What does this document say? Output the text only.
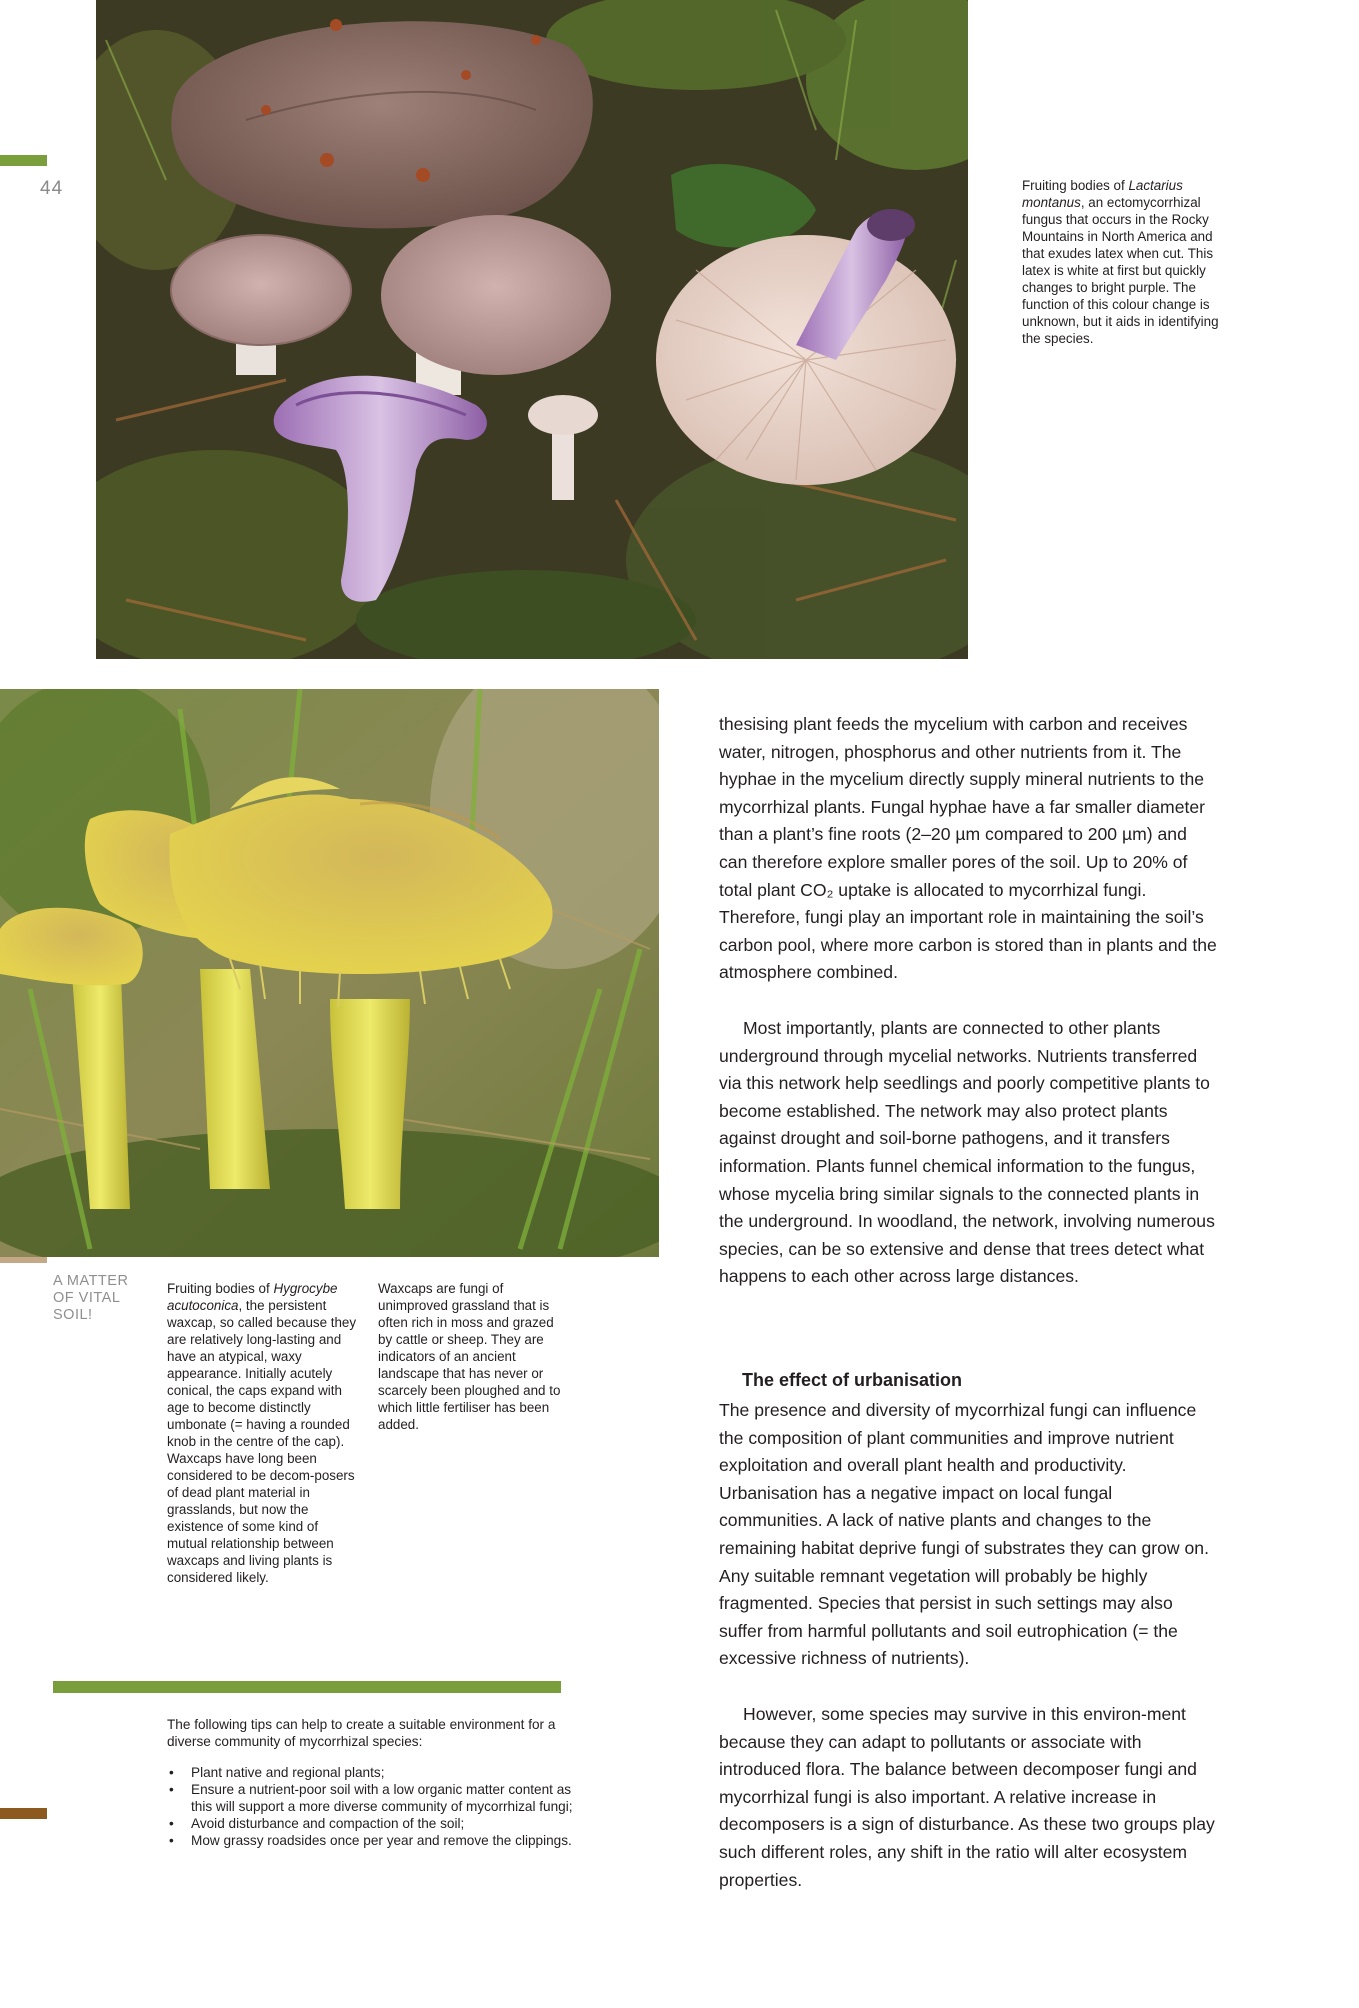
44	Fruiting bodies of Lactarius montanus, an ectomycorrhizal fungus that occurs in the Rocky Mountains in North America and that exudes latex when cut. This latex is white at first but quickly changes to bright purple. The function of this colour change is unknown, but it aids in identifying the species.
A MATTER OF VITAL SOIL!
Fruiting bodies of Hygrocybe acutoconica, the persistent waxcap, so called because they are relatively long-lasting and have an atypical, waxy appearance. Initially acutely conical, the caps expand with age to become distinctly umbonate (= having a rounded knob in the centre of the cap). Waxcaps have long been considered to be decom-posers of dead plant material in grasslands, but now the existence of some kind of mutual relationship between waxcaps and living plants is considered likely.
Waxcaps are fungi of unimproved grassland that is often rich in moss and grazed by cattle or sheep. They are indicators of an ancient landscape that has never or scarcely been ploughed and to which little fertiliser has been added.
The following tips can help to create a suitable environment for a diverse community of mycorrhizal species:
• Plant native and regional plants;
• Ensure a nutrient-poor soil with a low organic matter content as this will support a more diverse community of mycorrhizal fungi;
• Avoid disturbance and compaction of the soil;
• Mow grassy roadsides once per year and remove the clippings.

thesising plant feeds the mycelium with carbon and receives water, nitrogen, phosphorus and other nutrients from it. The hyphae in the mycelium directly supply mineral nutrients to the mycorrhizal plants. Fungal hyphae have a far smaller diameter than a plant’s fine roots (2–20 µm compared to 200 µm) and can therefore explore smaller pores of the soil. Up to 20% of total plant CO₂ uptake is allocated to mycorrhizal fungi. Therefore, fungi play an important role in maintaining the soil’s carbon pool, where more carbon is stored than in plants and the atmosphere combined.

Most importantly, plants are connected to other plants underground through mycelial networks. Nutrients transferred via this network help seedlings and poorly competitive plants to become established. The network may also protect plants against drought and soil-borne pathogens, and it transfers information. Plants funnel chemical information to the fungus, whose mycelia bring similar signals to the connected plants in the underground. In woodland, the network, involving numerous species, can be so extensive and dense that trees detect what happens to each other across large distances.

The effect of urbanisation

The presence and diversity of mycorrhizal fungi can influence the composition of plant communities and improve nutrient exploitation and overall plant health and productivity. Urbanisation has a negative impact on local fungal communities. A lack of native plants and changes to the remaining habitat deprive fungi of substrates they can grow on. Any suitable remnant vegetation will probably be highly fragmented. Species that persist in such settings may also suffer from harmful pollutants and soil eutrophication (= the excessive richness of nutrients).

However, some species may survive in this environ-ment because they can adapt to pollutants or associate with introduced flora. The balance between decomposer fungi and mycorrhizal fungi is also important. A relative increase in decomposers is a sign of disturbance. As these two groups play such different roles, any shift in the ratio will alter ecosystem properties.
